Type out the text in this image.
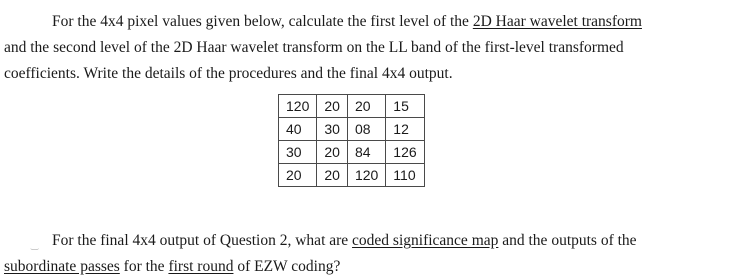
For the 4x4 pixel values given below, calculate the first level of the 2D Haar wavelet transform
and the second level of the 2D Haar wavelet transform on the LL band of the first-level transformed
coefficients. Write the details of the procedures and the final 4x4 output.
120	20	20	15
40	30	08	12
30	20	84	126
20	20	120	110
‿ For the final 4x4 output of Question 2, what are coded significance map and the outputs of the
subordinate passes for the first round of EZW coding?
